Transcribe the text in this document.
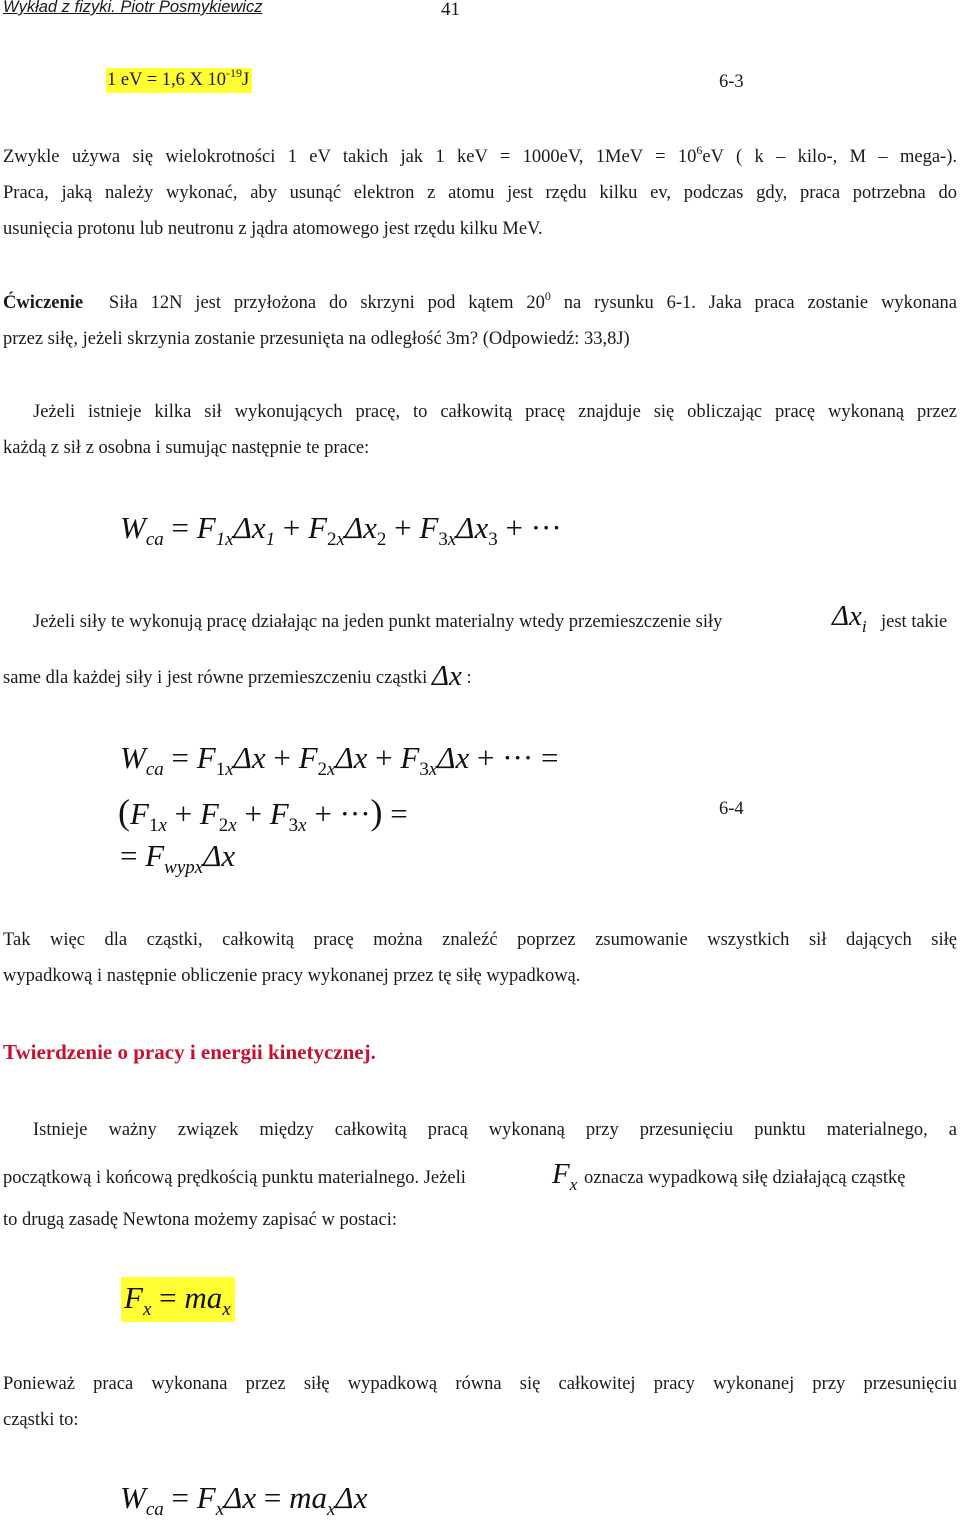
Wykład z fizyki. Piotr Posmykiewicz	41
1 eV = 1,6 X $10^{-19}J$	6-3
Zwykle używa się wielokrotności 1 eV takich jak 1 keV = 1000eV, $1MeV = 10^6eV$ ( k – kilo-, M – mega-).
Praca, jaką należy wykonać, aby usunąć elektron z atomu jest rzędu kilku ev, podczas gdy, praca potrzebna do
usunięcia protonu lub neutronu z jądra atomowego jest rzędu kilku MeV.
Ćwiczenie Siła 12N jest przyłożona do skrzyni pod kątem $20^0$ na rysunku 6-1. Jaka praca zostanie wykonana
przez siłę, jeżeli skrzynia zostanie przesunięta na odległość 3m? (Odpowiedź: 33,8J)
Jeżeli istnieje kilka sił wykonujących pracę, to całkowitą pracę znajduje się obliczając pracę wykonaną przez
każdą z sił z osobna i sumując następnie te prace:
$W_{ca} = F_{1x}\Delta x_1 + F_{2x}\Delta x_2 + F_{3x}\Delta x_3$ + ···
Jeżeli siły te wykonują pracę działając na jeden punkt materialny wtedy przemieszczenie siły	$\Delta x_i$ jest takie
same dla każdej siły i jest równe przemieszczeniu cząstki Δx :
$W_{ca} = F_{1x}\Delta x + F_{2x}\Delta x + F_{3x}\Delta x$ + ··· =
($F_{1x} + F_{2x} + F_{3x}$ + ···) =	6-4
= $F_{wypx}\Delta x$
Tak więc dla cząstki, całkowitą pracę można znaleźć poprzez zsumowanie wszystkich sił dających siłę
wypadkową i następnie obliczenie pracy wykonanej przez tę siłę wypadkową.
Twierdzenie o pracy i energii kinetycznej.
Istnieje ważny związek między całkowitą pracą wykonaną przy przesunięciu punktu materialnego, a
początkową i końcową prędkością punktu materialnego. Jeżeli	$F_x$ oznacza wypadkową siłę działającą cząstkę
to drugą zasadę Newtona możemy zapisać w postaci:
$F_x = ma_x$
Ponieważ praca wykonana przez siłę wypadkową równa się całkowitej pracy wykonanej przy przesunięciu
cząstki to:
$W_{ca} = F_x\Delta x = ma_x\Delta x$
